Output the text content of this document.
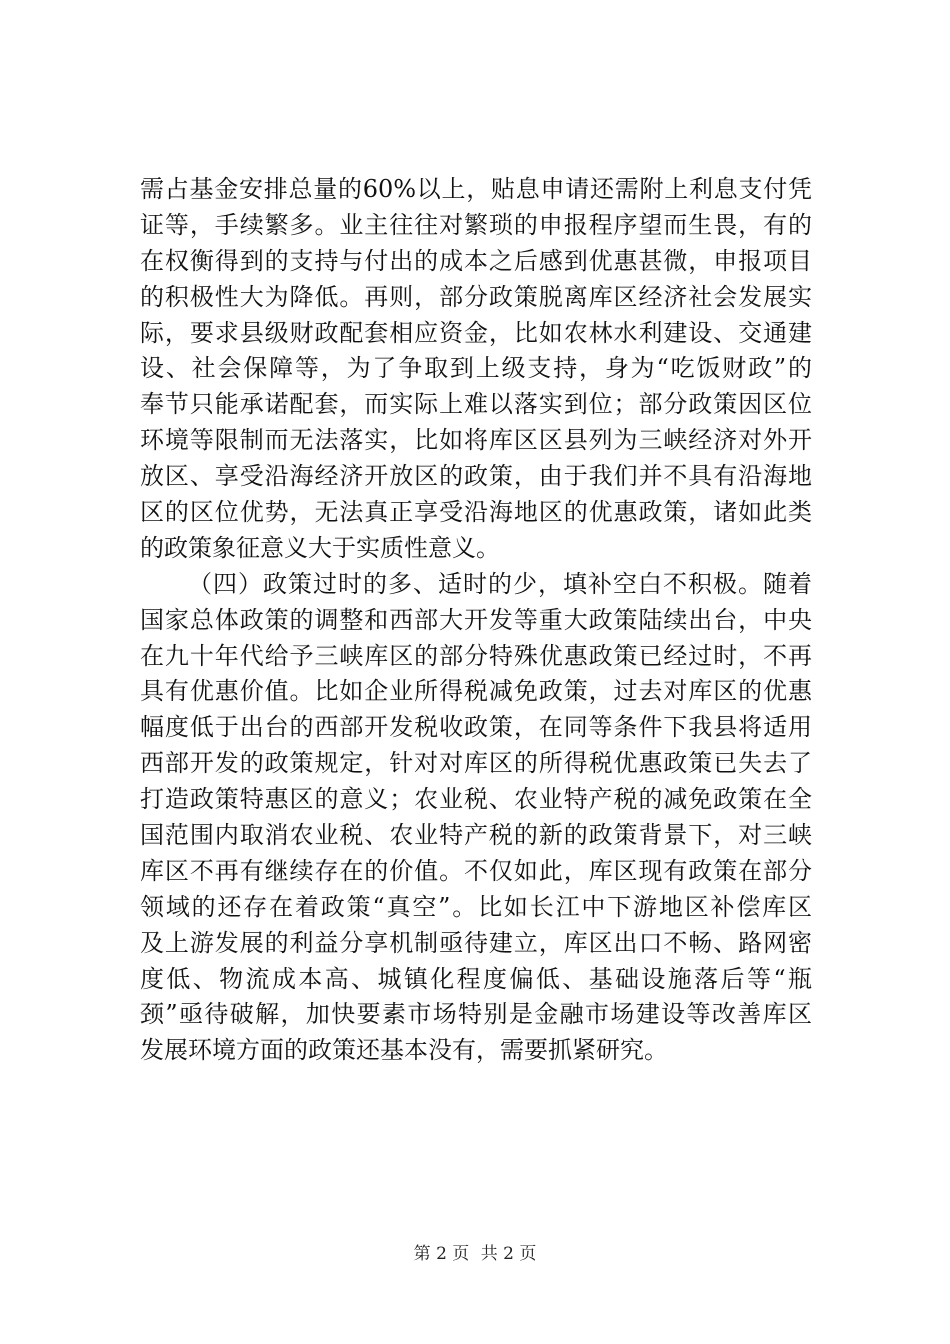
需占基金安排总量的60%以上，贴息申请还需附上利息支付凭
证等，手续繁多。业主往往对繁琐的申报程序望而生畏，有的
在权衡得到的支持与付出的成本之后感到优惠甚微，申报项目
的积极性大为降低。再则，部分政策脱离库区经济社会发展实
际，要求县级财政配套相应资金，比如农林水利建设、交通建
设、社会保障等，为了争取到上级支持，身为“吃饭财政”的
奉节只能承诺配套，而实际上难以落实到位；部分政策因区位
环境等限制而无法落实，比如将库区区县列为三峡经济对外开
放区、享受沿海经济开放区的政策，由于我们并不具有沿海地
区的区位优势，无法真正享受沿海地区的优惠政策，诸如此类
的政策象征意义大于实质性意义。
（四）政策过时的多、适时的少，填补空白不积极。随着
国家总体政策的调整和西部大开发等重大政策陆续出台，中央
在九十年代给予三峡库区的部分特殊优惠政策已经过时，不再
具有优惠价值。比如企业所得税减免政策，过去对库区的优惠
幅度低于出台的西部开发税收政策，在同等条件下我县将适用
西部开发的政策规定，针对对库区的所得税优惠政策已失去了
打造政策特惠区的意义；农业税、农业特产税的减免政策在全
国范围内取消农业税、农业特产税的新的政策背景下，对三峡
库区不再有继续存在的价值。不仅如此，库区现有政策在部分
领域的还存在着政策“真空”。比如长江中下游地区补偿库区
及上游发展的利益分享机制亟待建立，库区出口不畅、路网密
度低、物流成本高、城镇化程度偏低、基础设施落后等“瓶
颈”亟待破解，加快要素市场特别是金融市场建设等改善库区
发展环境方面的政策还基本没有，需要抓紧研究。
第 2 页 共 2 页
